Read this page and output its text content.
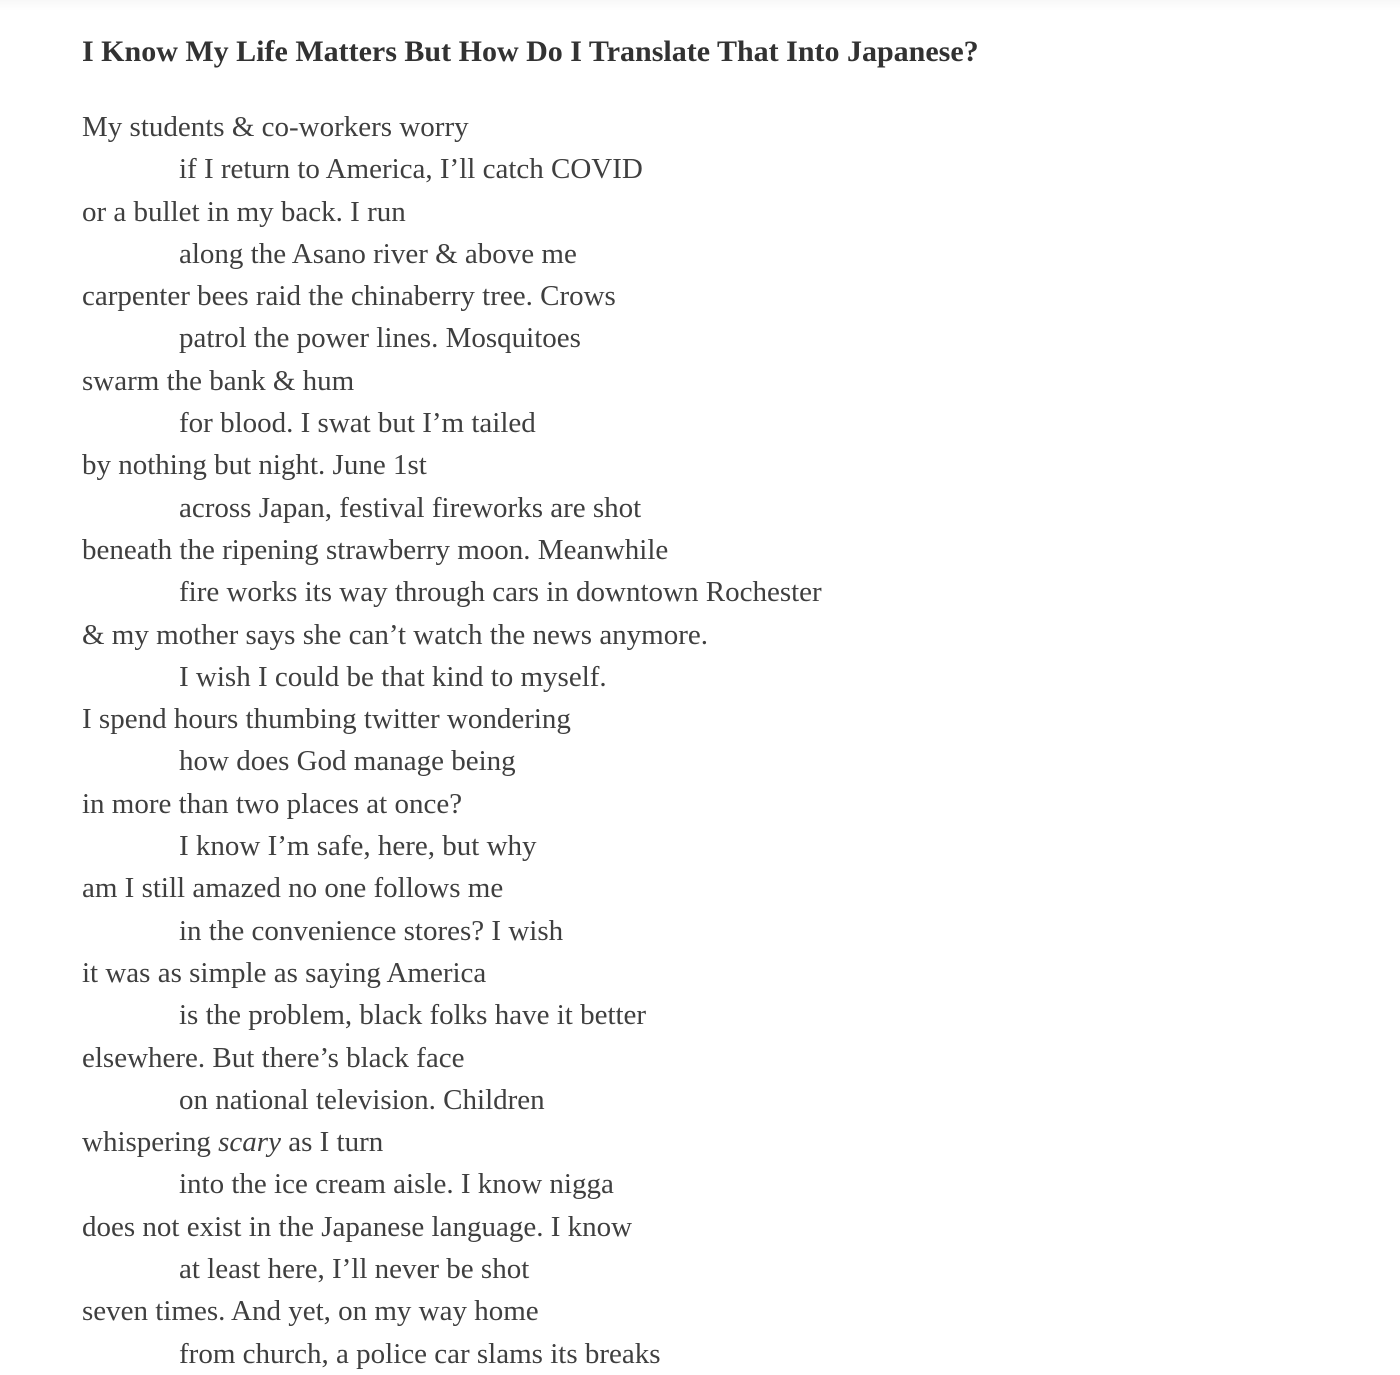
I Know My Life Matters But How Do I Translate That Into Japanese?
My students & co-workers worry
if I return to America, I’ll catch COVID
or a bullet in my back. I run
along the Asano river & above me
carpenter bees raid the chinaberry tree. Crows
patrol the power lines. Mosquitoes
swarm the bank & hum
for blood. I swat but I’m tailed
by nothing but night. June 1st
across Japan, festival fireworks are shot
beneath the ripening strawberry moon. Meanwhile
fire works its way through cars in downtown Rochester
& my mother says she can’t watch the news anymore.
I wish I could be that kind to myself.
I spend hours thumbing twitter wondering
how does God manage being
in more than two places at once?
I know I’m safe, here, but why
am I still amazed no one follows me
in the convenience stores? I wish
it was as simple as saying America
is the problem, black folks have it better
elsewhere. But there’s black face
on national television. Children
whispering scary as I turn
into the ice cream aisle. I know nigga
does not exist in the Japanese language. I know
at least here, I’ll never be shot
seven times. And yet, on my way home
from church, a police car slams its breaks
